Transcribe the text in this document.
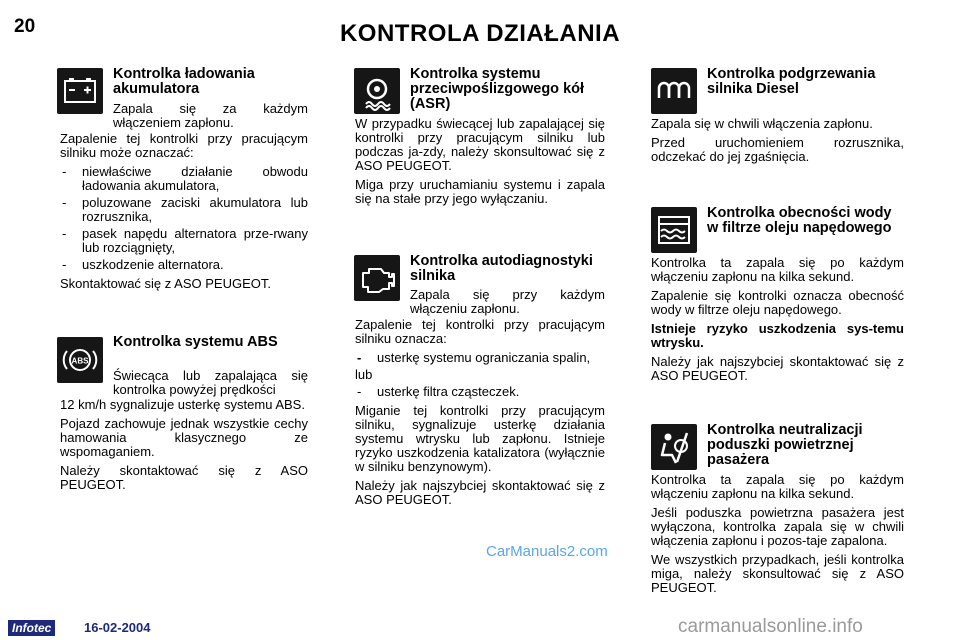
20	KONTROLA DZIAŁANIA
Kontrolka ładowania akumulatora
Zapala się za każdym włączeniem zapłonu.

Zapalenie tej kontrolki przy pracującym silniku może oznaczać:

- niewłaściwe działanie obwodu ładowania akumulatora,
- poluzowane zaciski akumulatora lub rozrusznika,
- pasek napędu alternatora prze-rwany lub rozciągnięty,
- uszkodzenie alternatora.

Skontaktować się z ASO PEUGEOT.

ABS
Kontrolka systemu ABS
Świecąca lub zapalająca się kontrolka powyżej prędkości

12 km/h sygnalizuje usterkę systemu ABS.

Pojazd zachowuje jednak wszystkie cechy hamowania klasycznego ze wspomaganiem.

Należy skontaktować się z ASO PEUGEOT.

Kontrolka systemu przeciwpoślizgowego kół (ASR)

W przypadku świecącej lub zapalającej się kontrolki przy pracującym silniku lub podczas ja-zdy, należy skonsultować się z ASO PEUGEOT.

Miga przy uruchamianiu systemu i zapala się na stałe przy jego wyłączaniu.

Kontrolka autodiagnostyki silnika
Zapala się przy każdym włączeniu zapłonu.

Zapalenie tej kontrolki przy pracującym silniku oznacza:

- usterkę systemu ograniczania spalin,

lub

- usterkę filtra cząsteczek.

Miganie tej kontrolki przy pracującym silniku, sygnalizuje usterkę działania systemu wtrysku lub zapłonu. Istnieje ryzyko uszkodzenia katalizatora (wyłącznie w silniku benzynowym).

Należy jak najszybciej skontaktować się z ASO PEUGEOT.

Kontrolka podgrzewania silnika Diesel

Zapala się w chwili włączenia zapłonu.

Przed uruchomieniem rozrusznika, odczekać do jej zgaśnięcia.

Kontrolka obecności wody w filtrze oleju napędowego

Kontrolka ta zapala się po każdym włączeniu zapłonu na kilka sekund.

Zapalenie się kontrolki oznacza obecność wody w filtrze oleju napędowego.

Istnieje ryzyko uszkodzenia sys-temu wtrysku.

Należy jak najszybciej skontaktować się z ASO PEUGEOT.

Kontrolka neutralizacji poduszki powietrznej pasażera

Kontrolka ta zapala się po każdym włączeniu zapłonu na kilka sekund.

Jeśli poduszka powietrzna pasażera jest wyłączona, kontrolka zapala się w chwili włączenia zapłonu i pozos-taje zapalona.

We wszystkich przypadkach, jeśli kontrolka miga, należy skonsultować się z ASO PEUGEOT.

CarManuals2.com
Infotec	16-02-2004	carmanualsonline.info
